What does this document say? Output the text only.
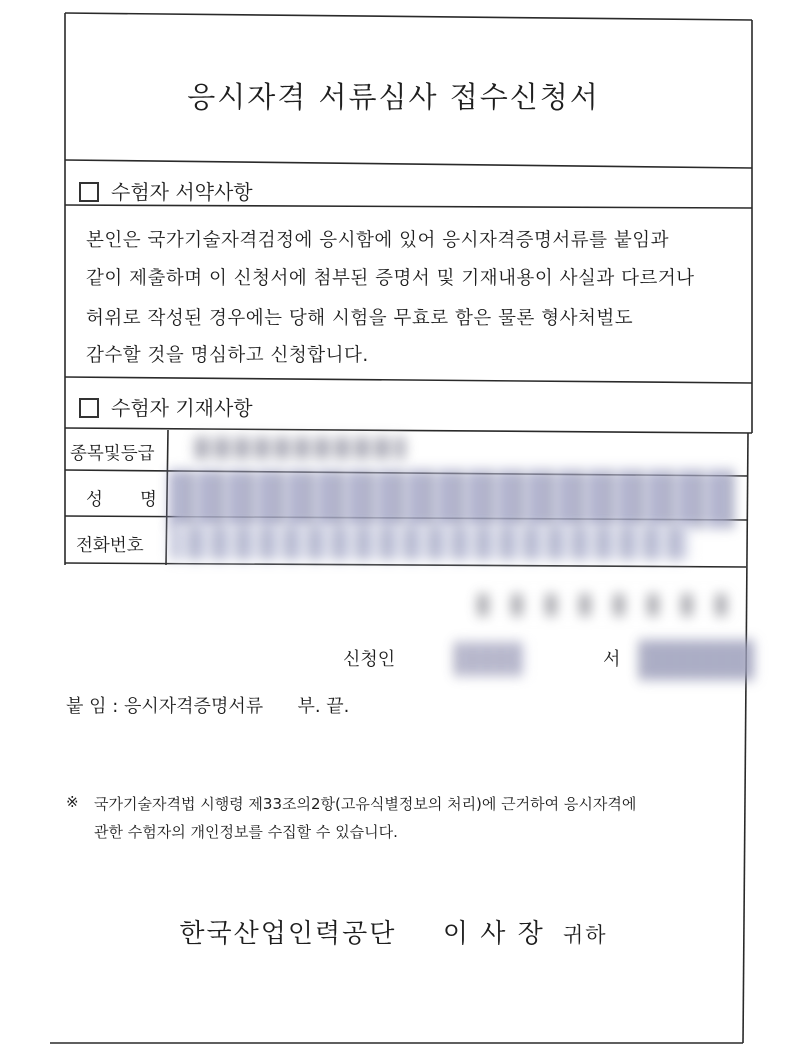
응시자격 서류심사 접수신청서
수험자 서약사항
본인은 국가기술자격검정에 응시함에 있어 응시자격증명서류를 붙임과
같이 제출하며 이 신청서에 첨부된 증명서 및 기재내용이 사실과 다르거나
허위로 작성된 경우에는 당해 시험을 무효로 함은 물론 형사처벌도
감수할 것을 명심하고 신청합니다.
수험자 기재사항
종목및등급
성 명
전화번호
신청인	서
붙 임 : 응시자격증명서류      부. 끝.
※ 국가기술자격법 시행령 제33조의2항(고유식별정보의 처리)에 근거하여 응시자격에
관한 수험자의 개인정보를 수집할 수 있습니다.
한국산업인력공단 이 사 장 귀하
